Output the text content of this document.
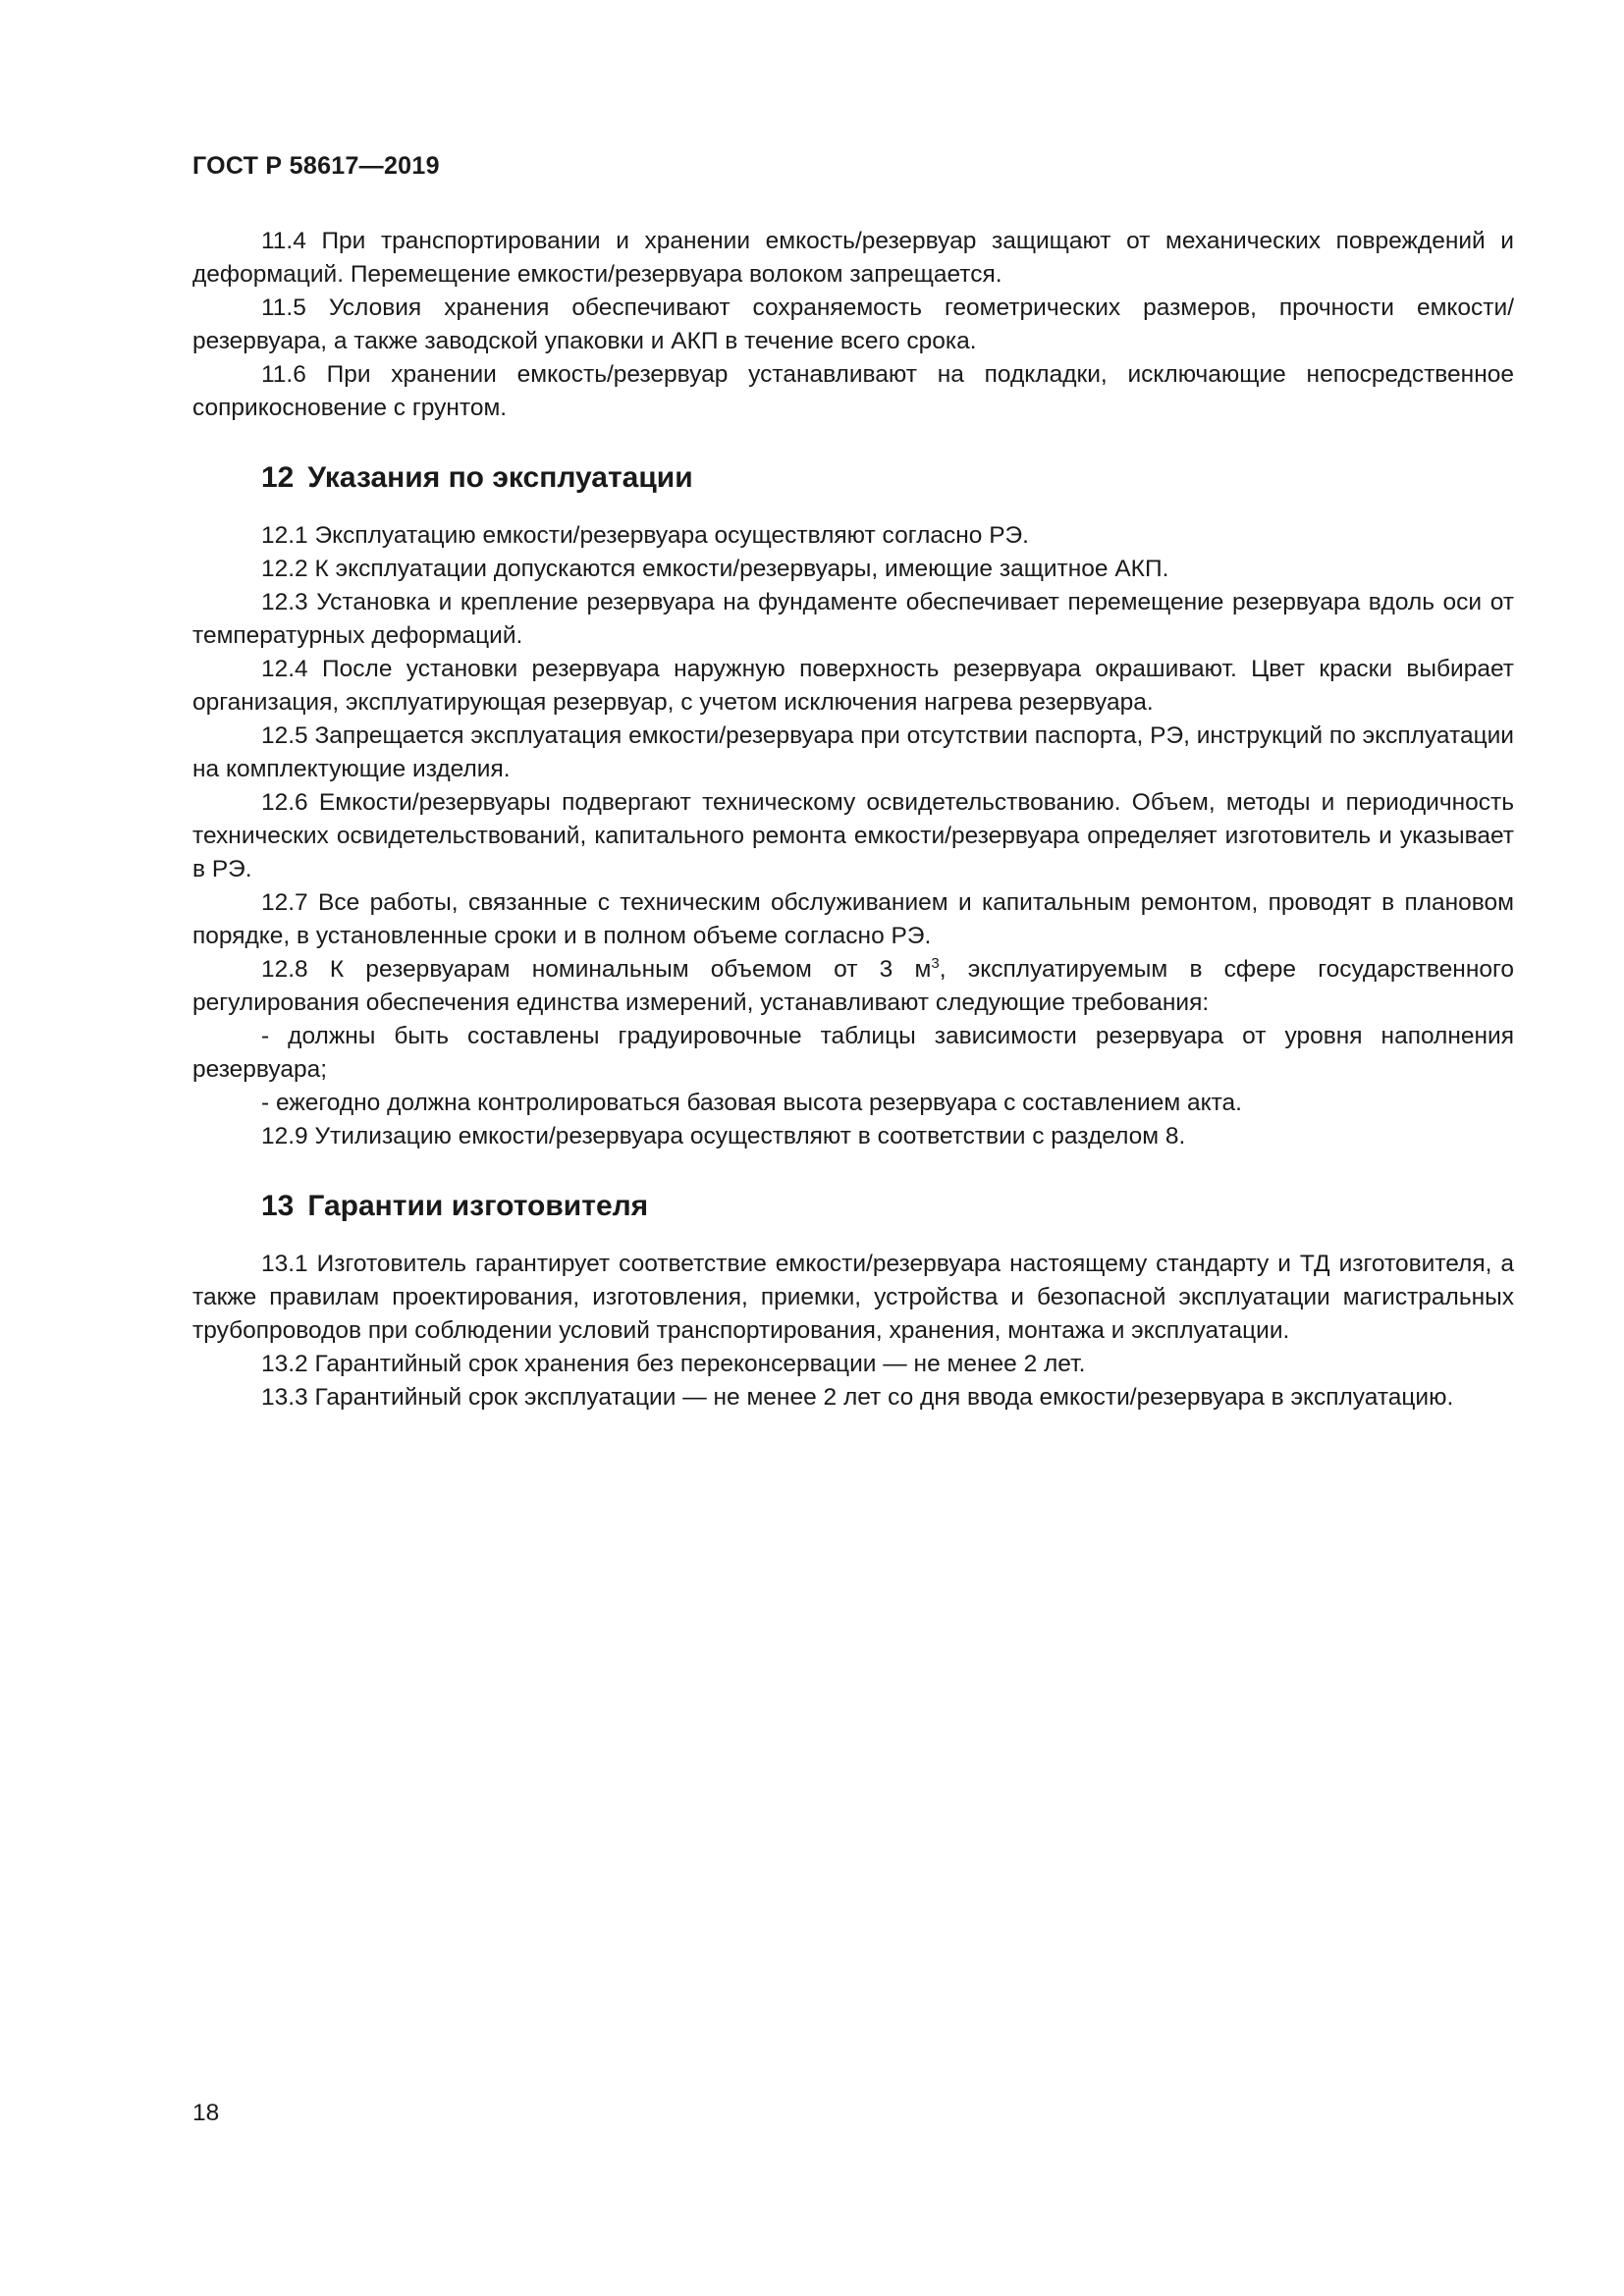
ГОСТ Р 58617—2019

11.4 При транспортировании и хранении емкость/резервуар защищают от механических повреждений и деформаций. Перемещение емкости/резервуара волоком запрещается.

11.5 Условия хранения обеспечивают сохраняемость геометрических размеров, прочности емкости/резервуара, а также заводской упаковки и АКП в течение всего срока.

11.6 При хранении емкость/резервуар устанавливают на подкладки, исключающие непосредственное соприкосновение с грунтом.

12 Указания по эксплуатации

12.1 Эксплуатацию емкости/резервуара осуществляют согласно РЭ.

12.2 К эксплуатации допускаются емкости/резервуары, имеющие защитное АКП.

12.3 Установка и крепление резервуара на фундаменте обеспечивает перемещение резервуара вдоль оси от температурных деформаций.

12.4 После установки резервуара наружную поверхность резервуара окрашивают. Цвет краски выбирает организация, эксплуатирующая резервуар, с учетом исключения нагрева резервуара.

12.5 Запрещается эксплуатация емкости/резервуара при отсутствии паспорта, РЭ, инструкций по эксплуатации на комплектующие изделия.

12.6 Емкости/резервуары подвергают техническому освидетельствованию. Объем, методы и периодичность технических освидетельствований, капитального ремонта емкости/резервуара определяет изготовитель и указывает в РЭ.

12.7 Все работы, связанные с техническим обслуживанием и капитальным ремонтом, проводят в плановом порядке, в установленные сроки и в полном объеме согласно РЭ.

12.8 К резервуарам номинальным объемом от 3 $м^3$, эксплуатируемым в сфере государственного регулирования обеспечения единства измерений, устанавливают следующие требования:

- должны быть составлены градуировочные таблицы зависимости резервуара от уровня наполнения резервуара;

- ежегодно должна контролироваться базовая высота резервуара с составлением акта.

12.9 Утилизацию емкости/резервуара осуществляют в соответствии с разделом 8.

13 Гарантии изготовителя

13.1 Изготовитель гарантирует соответствие емкости/резервуара настоящему стандарту и ТД изготовителя, а также правилам проектирования, изготовления, приемки, устройства и безопасной эксплуатации магистральных трубопроводов при соблюдении условий транспортирования, хранения, монтажа и эксплуатации.

13.2 Гарантийный срок хранения без переконсервации — не менее 2 лет.

13.3 Гарантийный срок эксплуатации — не менее 2 лет со дня ввода емкости/резервуара в эксплуатацию.

18
